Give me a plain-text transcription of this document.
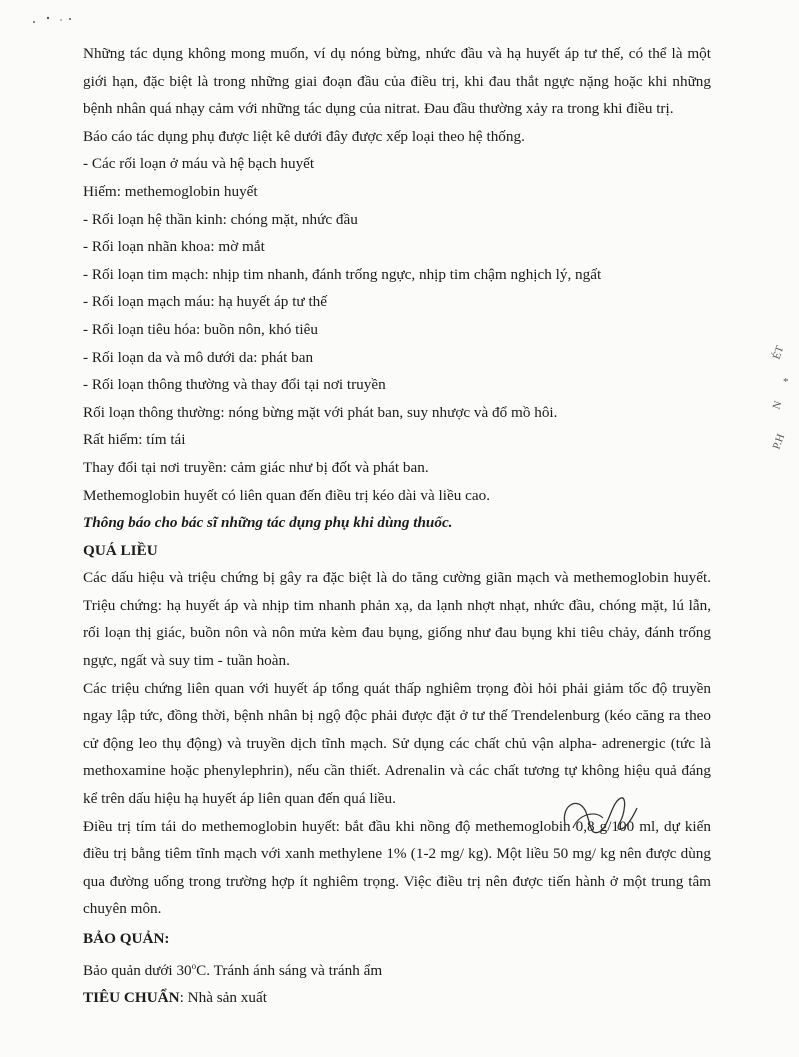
ÉT
*
N
P.H

Những tác dụng không mong muốn, ví dụ nóng bừng, nhức đầu và hạ huyết áp tư thế, có thể là một giới hạn, đặc biệt là trong những giai đoạn đầu của điều trị, khi đau thắt ngực nặng hoặc khi những bệnh nhân quá nhạy cảm với những tác dụng của nitrat. Đau đầu thường xảy ra trong khi điều trị.

Báo cáo tác dụng phụ được liệt kê dưới đây được xếp loại theo hệ thống.

- Các rối loạn ở máu và hệ bạch huyết

Hiếm: methemoglobin huyết

- Rối loạn hệ thần kinh: chóng mặt, nhức đầu

- Rối loạn nhãn khoa: mờ mắt

- Rối loạn tim mạch: nhịp tim nhanh, đánh trống ngực, nhịp tim chậm nghịch lý, ngất

- Rối loạn mạch máu: hạ huyết áp tư thế

- Rối loạn tiêu hóa: buồn nôn, khó tiêu

- Rối loạn da và mô dưới da: phát ban

- Rối loạn thông thường và thay đổi tại nơi truyền

Rối loạn thông thường: nóng bừng mặt với phát ban, suy nhược và đổ mồ hôi.

Rất hiếm: tím tái

Thay đổi tại nơi truyền: cảm giác như bị đốt và phát ban.

Methemoglobin huyết có liên quan đến điều trị kéo dài và liều cao.

Thông báo cho bác sĩ những tác dụng phụ khi dùng thuốc.

QUÁ LIỀU

Các dấu hiệu và triệu chứng bị gây ra đặc biệt là do tăng cường giãn mạch và methemoglobin huyết. Triệu chứng: hạ huyết áp và nhịp tim nhanh phản xạ, da lạnh nhợt nhạt, nhức đầu, chóng mặt, lú lẫn, rối loạn thị giác, buồn nôn và nôn mửa kèm đau bụng, giống như đau bụng khi tiêu chảy, đánh trống ngực, ngất và suy tim - tuần hoàn.

Các triệu chứng liên quan với huyết áp tổng quát thấp nghiêm trọng đòi hỏi phải giảm tốc độ truyền ngay lập tức, đồng thời, bệnh nhân bị ngộ độc phải được đặt ở tư thế Trendelenburg (kéo căng ra theo cử động leo thụ động) và truyền dịch tĩnh mạch. Sử dụng các chất chủ vận alpha- adrenergic (tức là methoxamine hoặc phenylephrin), nếu cần thiết. Adrenalin và các chất tương tự không hiệu quả đáng kể trên dấu hiệu hạ huyết áp liên quan đến quá liều.

Điều trị tím tái do methemoglobin huyết: bắt đầu khi nồng độ methemoglobin 0,8 g/100 ml, dự kiến điều trị bằng tiêm tĩnh mạch với xanh methylene 1% (1-2 mg/ kg). Một liều 50 mg/ kg nên được dùng qua đường uống trong trường hợp ít nghiêm trọng. Việc điều trị nên được tiến hành ở một trung tâm chuyên môn.

BẢO QUẢN:

Bảo quản dưới 30$^o$C. Tránh ánh sáng và tránh ẩm

TIÊU CHUẨN: Nhà sản xuất
